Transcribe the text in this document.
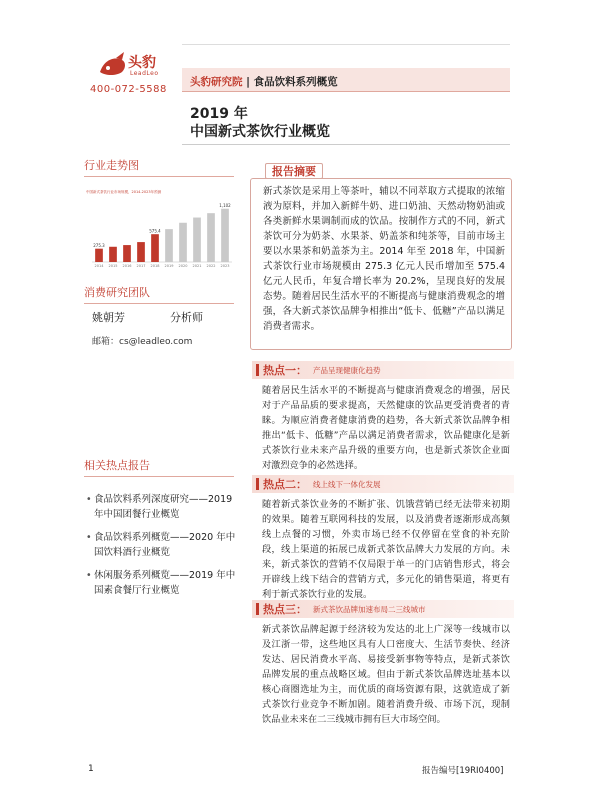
头豹
LeadLeo
400-072-5588
头豹研究院 | 食品饮料系列概览
2019 年
中国新式茶饮行业概览
行业走势图
中国新式茶饮行业市场规模，2014-2023年预测
275.3
2014 2015 2016 2017
575.4
2018 2019 2020 2021 2022
1,102
2023
消费研究团队
姚朝芳	分析师
邮箱：cs@leadleo.com
相关热点报告
• 食品饮料系列深度研究——2019 年中国团餐行业概览
• 食品饮料系列概览——2020 年中国饮料酒行业概览
• 休闲服务系列概览——2019 年中国素食餐厅行业概览
报告摘要
新式茶饮是采用上等茶叶，辅以不同萃取方式提取的浓缩液为原料，并加入新鲜牛奶、进口奶油、天然动物奶油或各类新鲜水果调制而成的饮品。按制作方式的不同，新式茶饮可分为奶茶、水果茶、奶盖茶和纯茶等，目前市场主要以水果茶和奶盖茶为主。2014 年至 2018 年，中国新式茶饮行业市场规模由 275.3 亿元人民币增加至 575.4 亿元人民币，年复合增长率为 20.2%，呈现良好的发展态势。随着居民生活水平的不断提高与健康消费观念的增强，各大新式茶饮品牌争相推出“低卡、低糖”产品以满足消费者需求。
热点一： 产品呈现健康化趋势
随着居民生活水平的不断提高与健康消费观念的增强，居民对于产品品质的要求提高，天然健康的饮品更受消费者的青睐。为顺应消费者健康消费的趋势，各大新式茶饮品牌争相推出“低卡、低糖”产品以满足消费者需求，饮品健康化是新式茶饮行业未来产品升级的重要方向，也是新式茶饮企业面对激烈竞争的必然选择。
热点二： 线上线下一体化发展
随着新式茶饮业务的不断扩张、饥饿营销已经无法带来初期的效果。随着互联网科技的发展，以及消费者逐渐形成高频线上点餐的习惯，外卖市场已经不仅停留在堂食的补充阶段，线上渠道的拓展已成新式茶饮品牌大力发展的方向。未来，新式茶饮的营销不仅局限于单一的门店销售形式，将会开辟线上线下结合的营销方式，多元化的销售渠道，将更有利于新式茶饮行业的发展。
热点三： 新式茶饮品牌加速布局二三线城市
新式茶饮品牌起源于经济较为发达的北上广深等一线城市以及江浙一带，这些地区具有人口密度大、生活节奏快、经济发达、居民消费水平高、易接受新事物等特点，是新式茶饮品牌发展的重点战略区域。但由于新式茶饮品牌选址基本以核心商圈选址为主，而优质的商场资源有限，这就造成了新式茶饮行业竞争不断加剧。随着消费升级、市场下沉，现制饮品业未来在二三线城市拥有巨大市场空间。
1	报告编号[19RI0400]
